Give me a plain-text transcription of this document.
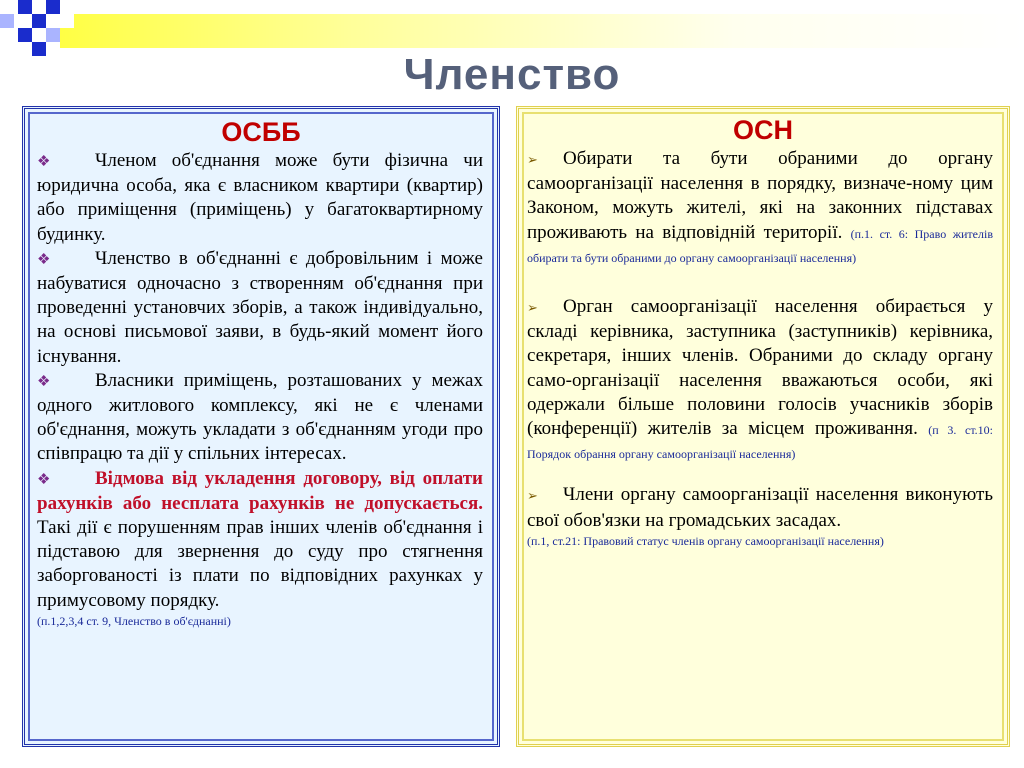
Членство
ОСББ

❖ Членом об'єднання може бути фізична чи юридична особа, яка є власником квартири (квартир) або приміщення (приміщень) у багатоквартирному будинку.

❖ Членство в об'єднанні є добровільним і може набуватися одночасно з створенням об'єднання при проведенні установчих зборів, а також індивідуально, на основі письмової заяви, в будь-який момент його існування.

❖ Власники приміщень, розташованих у межах одного житлового комплексу, які не є членами об'єднання, можуть укладати з об'єднанням угоди про співпрацю та дії у спільних інтересах.

❖ Відмова від укладення договору, від оплати рахунків або несплата рахунків не допускається. Такі дії є порушенням прав інших членів об'єднання і підставою для звернення до суду про стягнення заборгованості із плати по відповідних рахунках у примусовому порядку.

(п.1,2,3,4 ст. 9, Членство в об'єднанні)
ОСН

➢ Обирати та бути обраними до органу самоорганізації населення в порядку, визначе-ному цим Законом, можуть жителі, які на законних підставах проживають на відповідній території. (п.1. ст. 6: Право жителів обирати та бути обраними до органу самоорганізації населення)

➢ Орган самоорганізації населення обирається у складі керівника, заступника (заступників) керівника, секретаря, інших членів. Обраними до складу органу само-організації населення вважаються особи, які одержали більше половини голосів учасників зборів (конференції) жителів за місцем проживання. (п 3. ст.10: Порядок обрання органу самоорганізації населення)

➢ Члени органу самоорганізації населення виконують свої обов'язки на громадських засадах.

(п.1, ст.21: Правовий статус членів органу самоорганізації населення)
